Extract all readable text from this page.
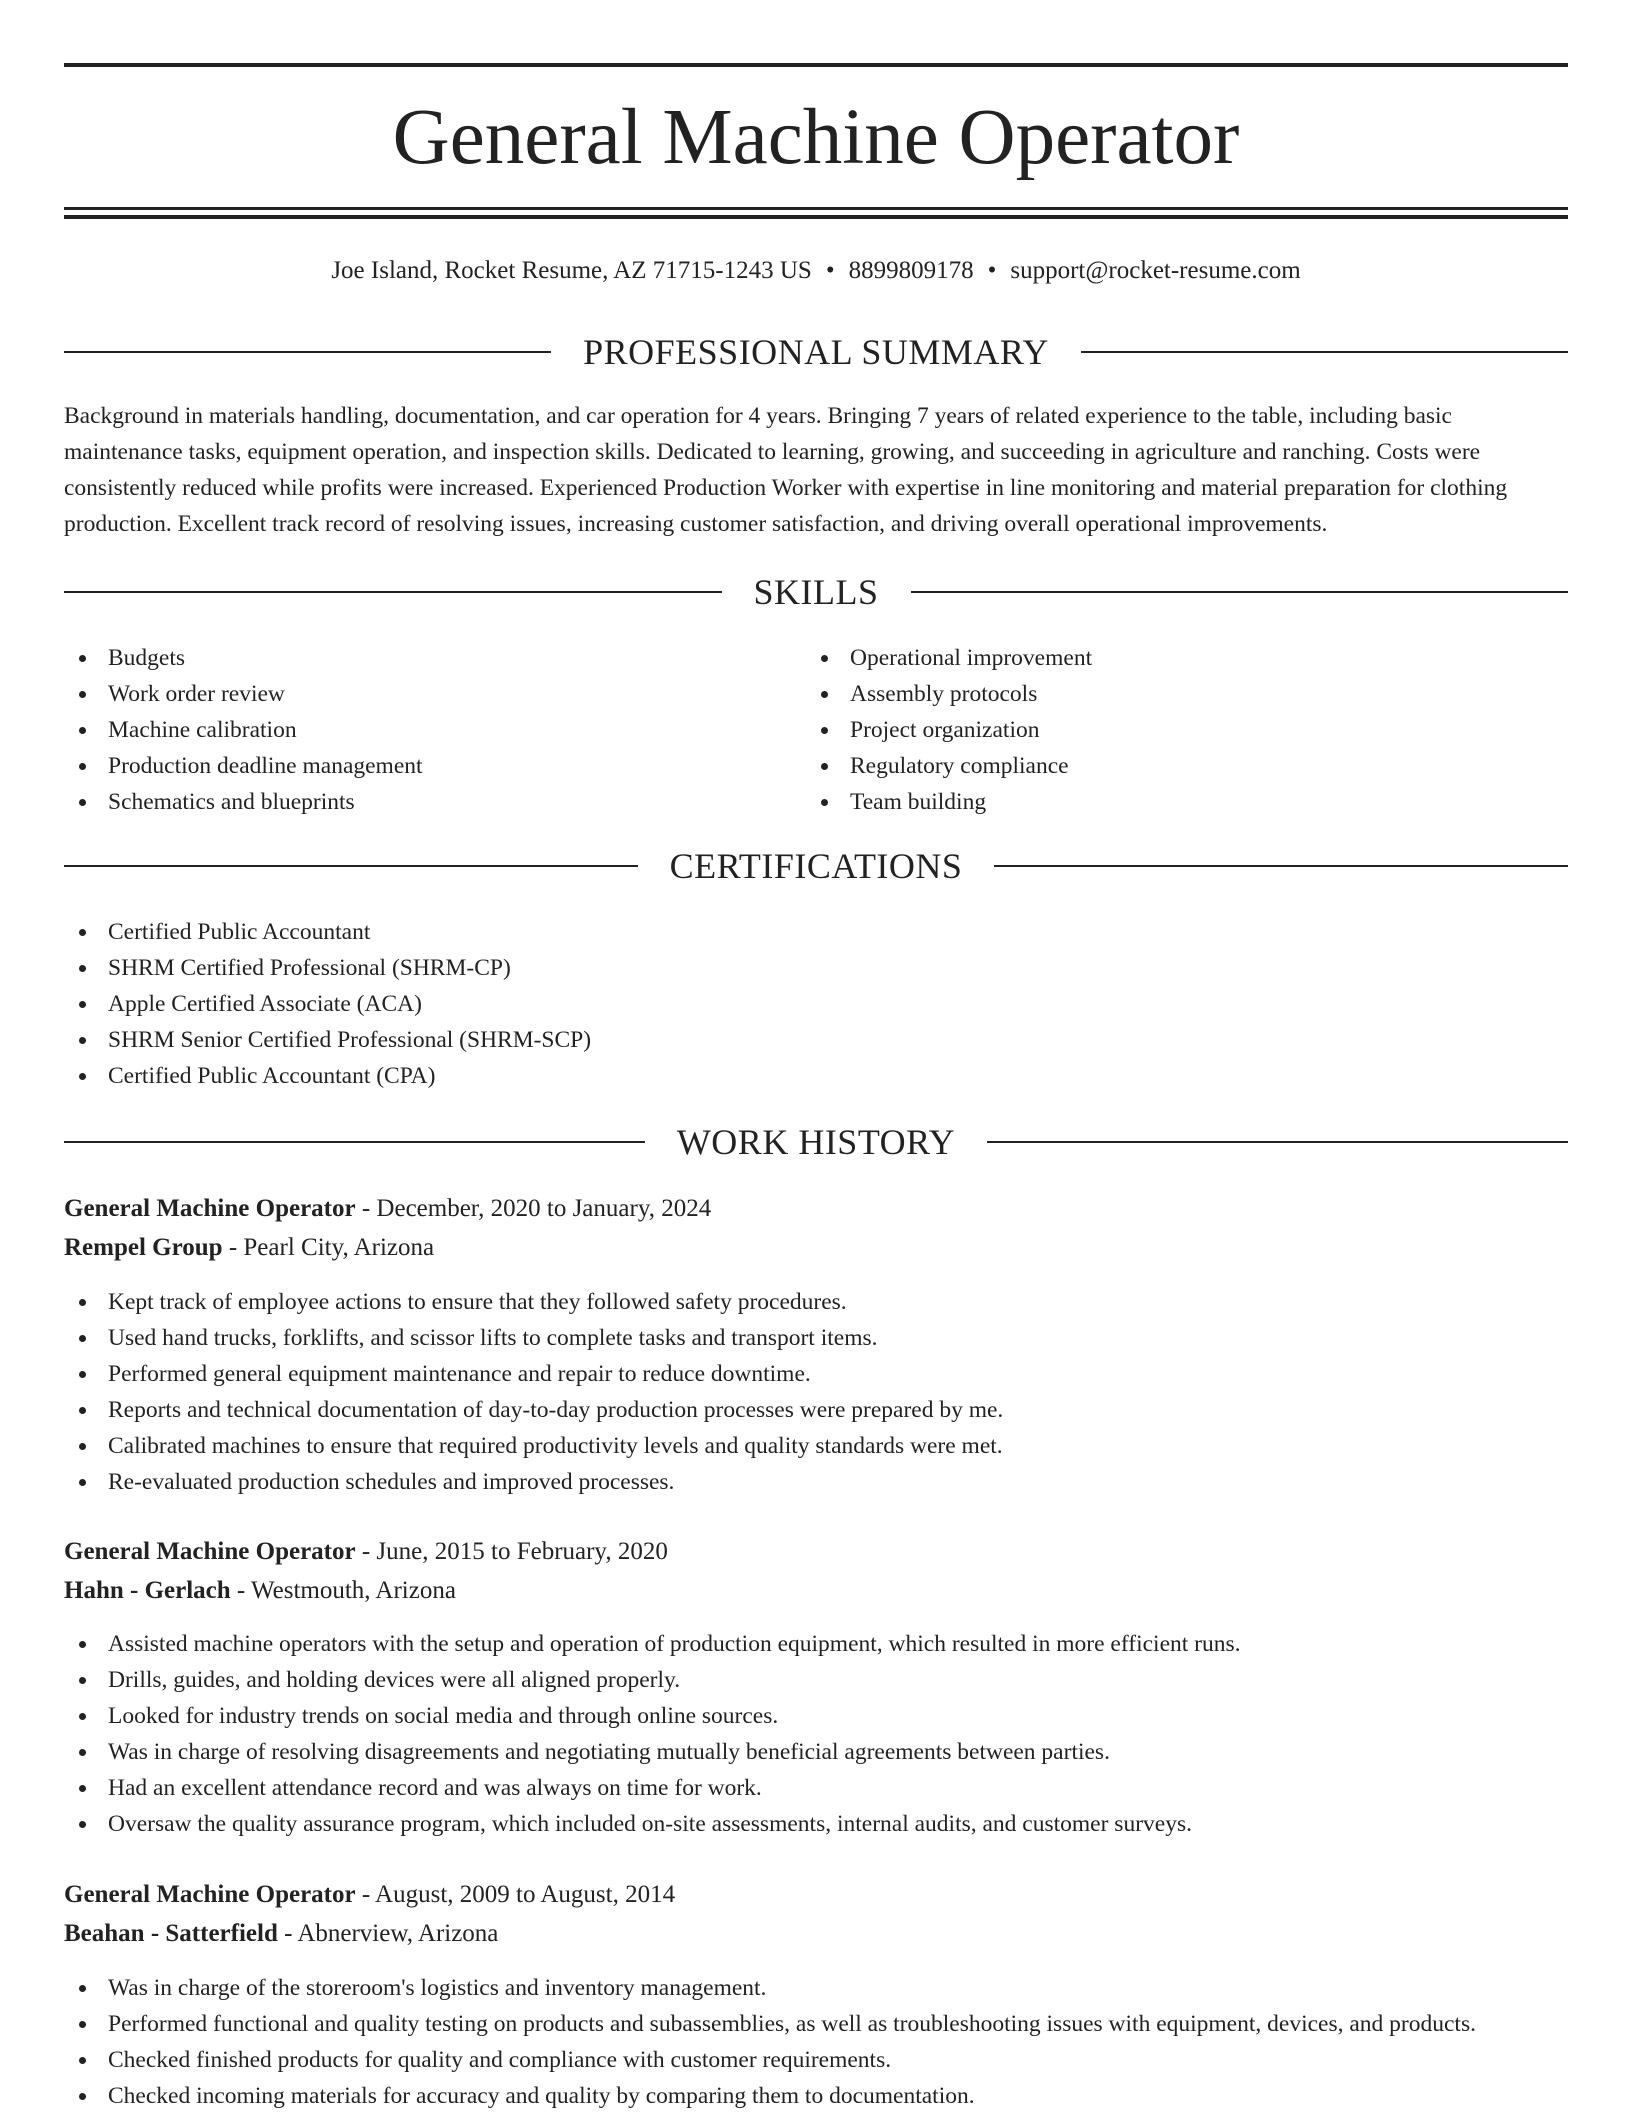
General Machine Operator
Joe Island, Rocket Resume, AZ 71715-1243 US • 8899809178 • support@rocket-resume.com
PROFESSIONAL SUMMARY

Background in materials handling, documentation, and car operation for 4 years. Bringing 7 years of related experience to the table, including basic maintenance tasks, equipment operation, and inspection skills. Dedicated to learning, growing, and succeeding in agriculture and ranching. Costs were consistently reduced while profits were increased. Experienced Production Worker with expertise in line monitoring and material preparation for clothing production. Excellent track record of resolving issues, increasing customer satisfaction, and driving overall operational improvements.

SKILLS
Budgets
Work order review
Machine calibration
Production deadline management
Schematics and blueprints
Operational improvement
Assembly protocols
Project organization
Regulatory compliance
Team building
CERTIFICATIONS
Certified Public Accountant
SHRM Certified Professional (SHRM-CP)
Apple Certified Associate (ACA)
SHRM Senior Certified Professional (SHRM-SCP)
Certified Public Accountant (CPA)
WORK HISTORY
General Machine Operator - December, 2020 to January, 2024
Rempel Group - Pearl City, Arizona
Kept track of employee actions to ensure that they followed safety procedures.
Used hand trucks, forklifts, and scissor lifts to complete tasks and transport items.
Performed general equipment maintenance and repair to reduce downtime.
Reports and technical documentation of day-to-day production processes were prepared by me.
Calibrated machines to ensure that required productivity levels and quality standards were met.
Re-evaluated production schedules and improved processes.
General Machine Operator - June, 2015 to February, 2020
Hahn - Gerlach - Westmouth, Arizona
Assisted machine operators with the setup and operation of production equipment, which resulted in more efficient runs.
Drills, guides, and holding devices were all aligned properly.
Looked for industry trends on social media and through online sources.
Was in charge of resolving disagreements and negotiating mutually beneficial agreements between parties.
Had an excellent attendance record and was always on time for work.
Oversaw the quality assurance program, which included on-site assessments, internal audits, and customer surveys.
General Machine Operator - August, 2009 to August, 2014
Beahan - Satterfield - Abnerview, Arizona
Was in charge of the storeroom's logistics and inventory management.
Performed functional and quality testing on products and subassemblies, as well as troubleshooting issues with equipment, devices, and products.
Checked finished products for quality and compliance with customer requirements.
Checked incoming materials for accuracy and quality by comparing them to documentation.
